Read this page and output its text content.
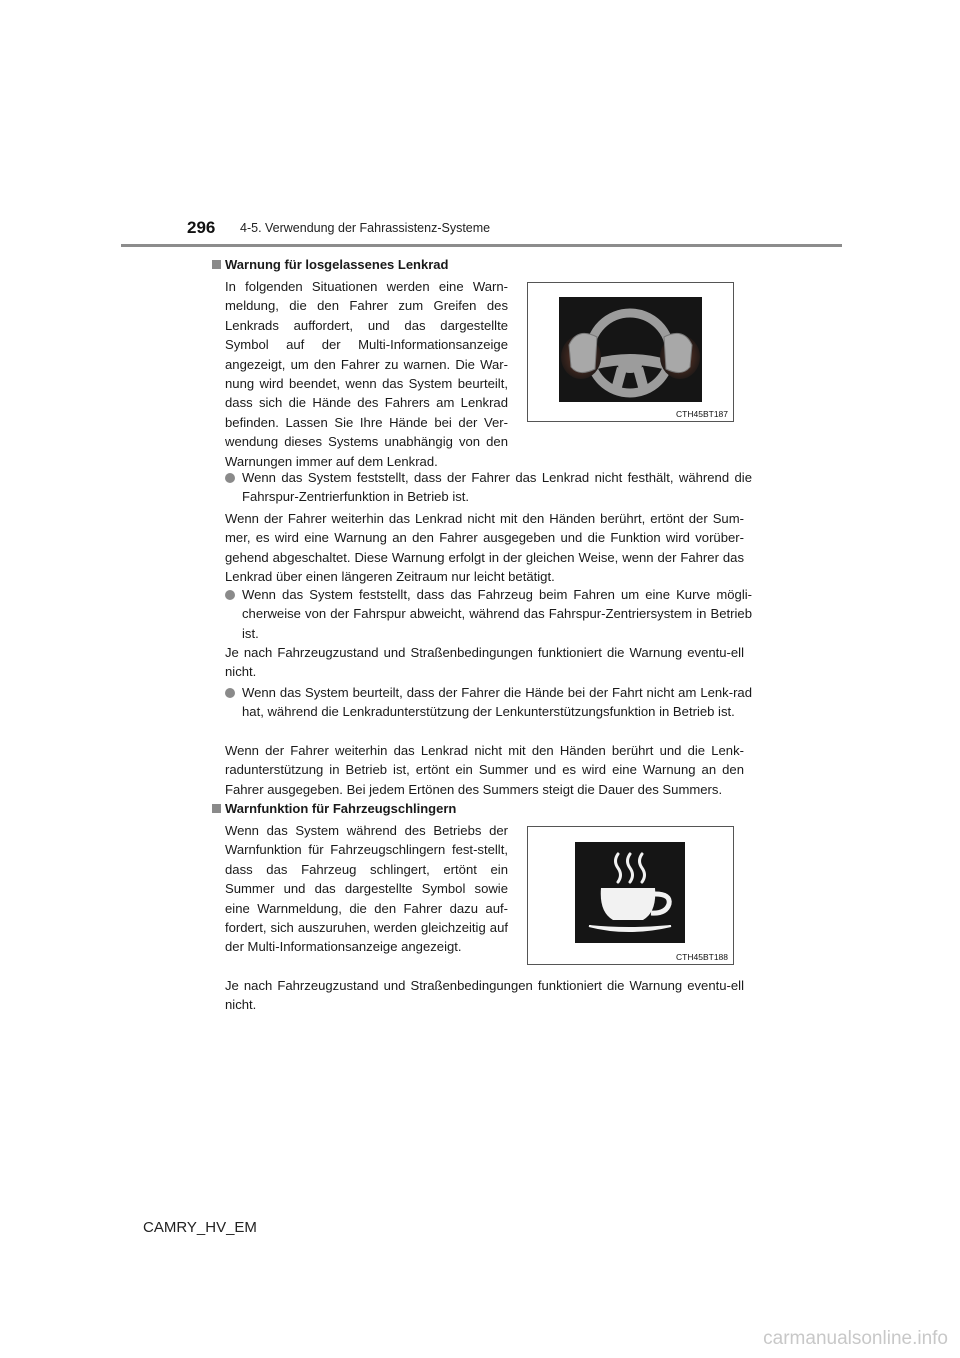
296 4-5. Verwendung der Fahrassistenz-Systeme
Warnung für losgelassenes Lenkrad
In folgenden Situationen werden eine Warn-meldung, die den Fahrer zum Greifen des Lenkrads auffordert, und das dargestellte Symbol auf der Multi-Informationsanzeige angezeigt, um den Fahrer zu warnen. Die War-nung wird beendet, wenn das System beurteilt, dass sich die Hände des Fahrers am Lenkrad befinden. Lassen Sie Ihre Hände bei der Ver-wendung dieses Systems unabhängig von den Warnungen immer auf dem Lenkrad.
CTH45BT187
Wenn das System feststellt, dass der Fahrer das Lenkrad nicht festhält, während die Fahrspur-Zentrierfunktion in Betrieb ist.
Wenn der Fahrer weiterhin das Lenkrad nicht mit den Händen berührt, ertönt der Sum-mer, es wird eine Warnung an den Fahrer ausgegeben und die Funktion wird vorüber-gehend abgeschaltet. Diese Warnung erfolgt in der gleichen Weise, wenn der Fahrer das Lenkrad über einen längeren Zeitraum nur leicht betätigt.
Wenn das System feststellt, dass das Fahrzeug beim Fahren um eine Kurve mögli-cherweise von der Fahrspur abweicht, während das Fahrspur-Zentriersystem in Betrieb ist.
Je nach Fahrzeugzustand und Straßenbedingungen funktioniert die Warnung eventu-ell nicht.
Wenn das System beurteilt, dass der Fahrer die Hände bei der Fahrt nicht am Lenk-rad hat, während die Lenkradunterstützung der Lenkunterstützungsfunktion in Betrieb ist.
Wenn der Fahrer weiterhin das Lenkrad nicht mit den Händen berührt und die Lenk-radunterstützung in Betrieb ist, ertönt ein Summer und es wird eine Warnung an den Fahrer ausgegeben. Bei jedem Ertönen des Summers steigt die Dauer des Summers.
Warnfunktion für Fahrzeugschlingern
Wenn das System während des Betriebs der Warnfunktion für Fahrzeugschlingern fest-stellt, dass das Fahrzeug schlingert, ertönt ein Summer und das dargestellte Symbol sowie eine Warnmeldung, die den Fahrer dazu auf-fordert, sich auszuruhen, werden gleichzeitig auf der Multi-Informationsanzeige angezeigt.
CTH45BT188
Je nach Fahrzeugzustand und Straßenbedingungen funktioniert die Warnung eventu-ell nicht.
CAMRY_HV_EM
carmanualsonline.info
